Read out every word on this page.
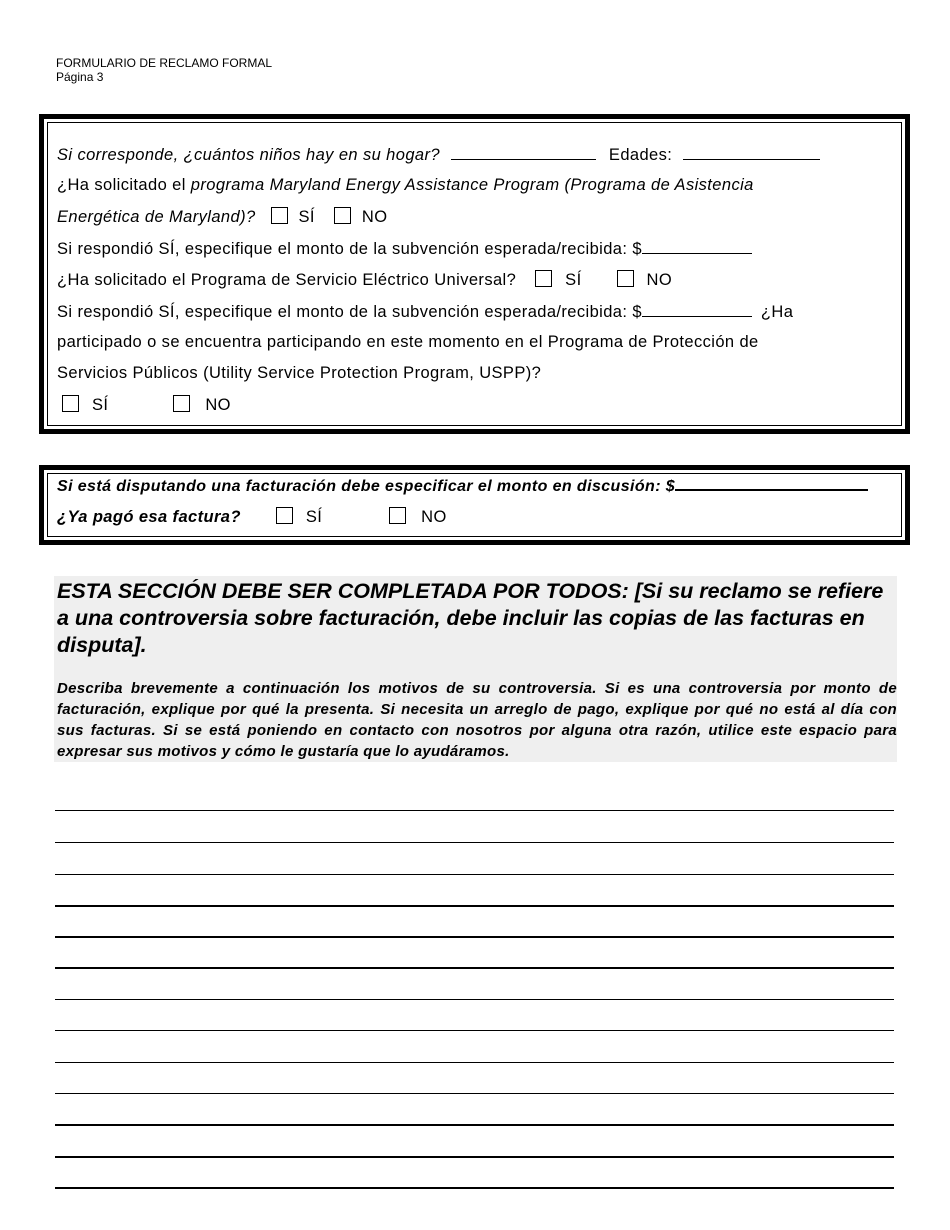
FORMULARIO DE RECLAMO FORMAL
Página 3
Si corresponde, ¿cuántos niños hay en su hogar?	Edades:
¿Ha solicitado el programa Maryland Energy Assistance Program (Programa de Asistencia
Energética de Maryland)?	SÍ	NO
Si respondió SÍ, especifique el monto de la subvención esperada/recibida: $
¿Ha solicitado el Programa de Servicio Eléctrico Universal?	SÍ	NO
Si respondió SÍ, especifique el monto de la subvención esperada/recibida: $	¿Ha
participado o se encuentra participando en este momento en el Programa de Protección de
Servicios Públicos (Utility Service Protection Program, USPP)?
SÍ	NO
Si está disputando una facturación debe especificar el monto en discusión: $
¿Ya pagó esa factura?	SÍ	NO
ESTA SECCIÓN DEBE SER COMPLETADA POR TODOS: [Si su reclamo se refiere a una controversia sobre facturación, debe incluir las copias de las facturas en disputa].
Describa brevemente a continuación los motivos de su controversia. Si es una controversia por monto de facturación, explique por qué la presenta. Si necesita un arreglo de pago, explique por qué no está al día con sus facturas. Si se está poniendo en contacto con nosotros por alguna otra razón, utilice este espacio para expresar sus motivos y cómo le gustaría que lo ayudáramos.
